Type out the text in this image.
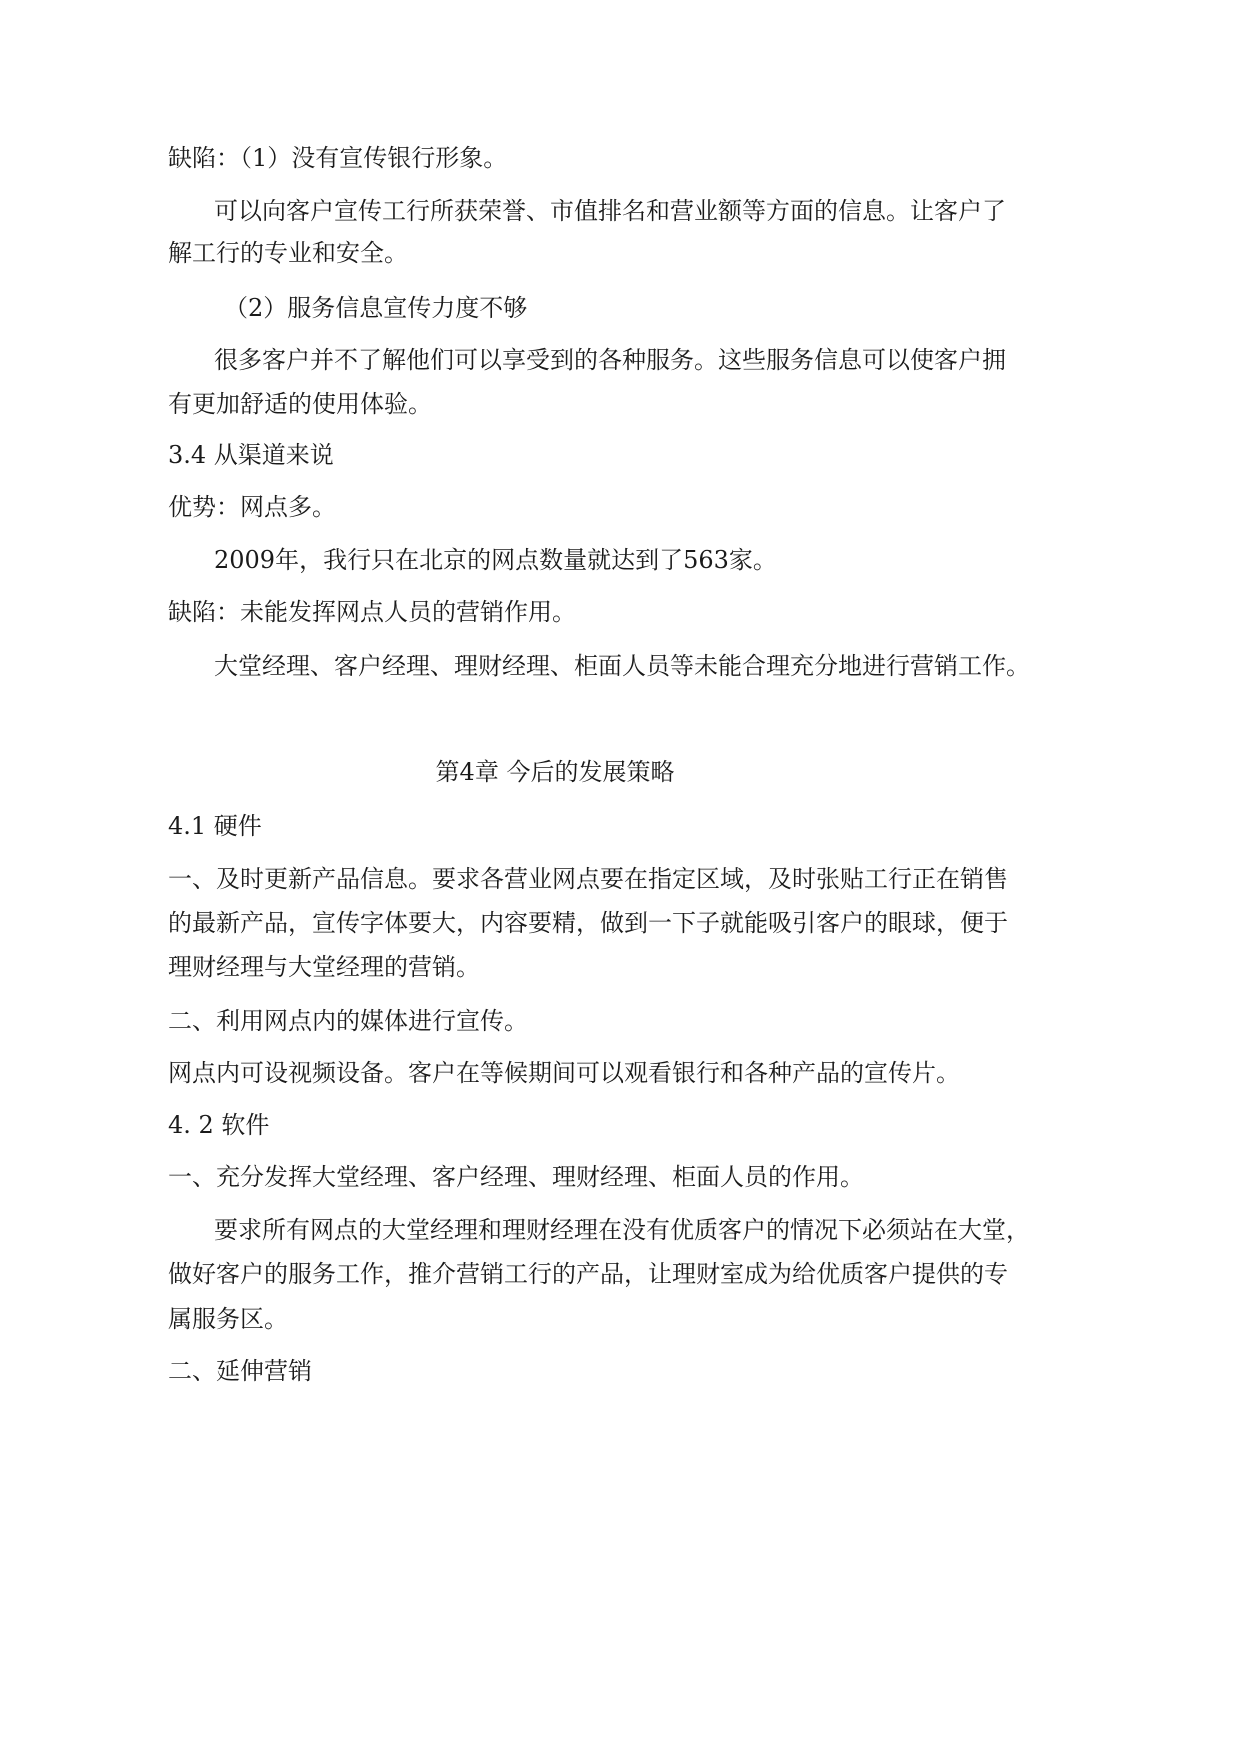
缺陷：（1）没有宣传银行形象。
可以向客户宣传工行所获荣誉、市值排名和营业额等方面的信息。让客户了
解工行的专业和安全。
（2）服务信息宣传力度不够
很多客户并不了解他们可以享受到的各种服务。这些服务信息可以使客户拥
有更加舒适的使用体验。
3.4 从渠道来说
优势：网点多。
2009年，我行只在北京的网点数量就达到了563家。
缺陷：未能发挥网点人员的营销作用。
大堂经理、客户经理、理财经理、柜面人员等未能合理充分地进行营销工作。
第4章 今后的发展策略
4.1 硬件
一、及时更新产品信息。要求各营业网点要在指定区域，及时张贴工行正在销售
的最新产品，宣传字体要大，内容要精，做到一下子就能吸引客户的眼球，便于
理财经理与大堂经理的营销。
二、利用网点内的媒体进行宣传。
网点内可设视频设备。客户在等候期间可以观看银行和各种产品的宣传片。
4. 2 软件
一、充分发挥大堂经理、客户经理、理财经理、柜面人员的作用。
要求所有网点的大堂经理和理财经理在没有优质客户的情况下必须站在大堂，
做好客户的服务工作，推介营销工行的产品，让理财室成为给优质客户提供的专
属服务区。
二、延伸营销
